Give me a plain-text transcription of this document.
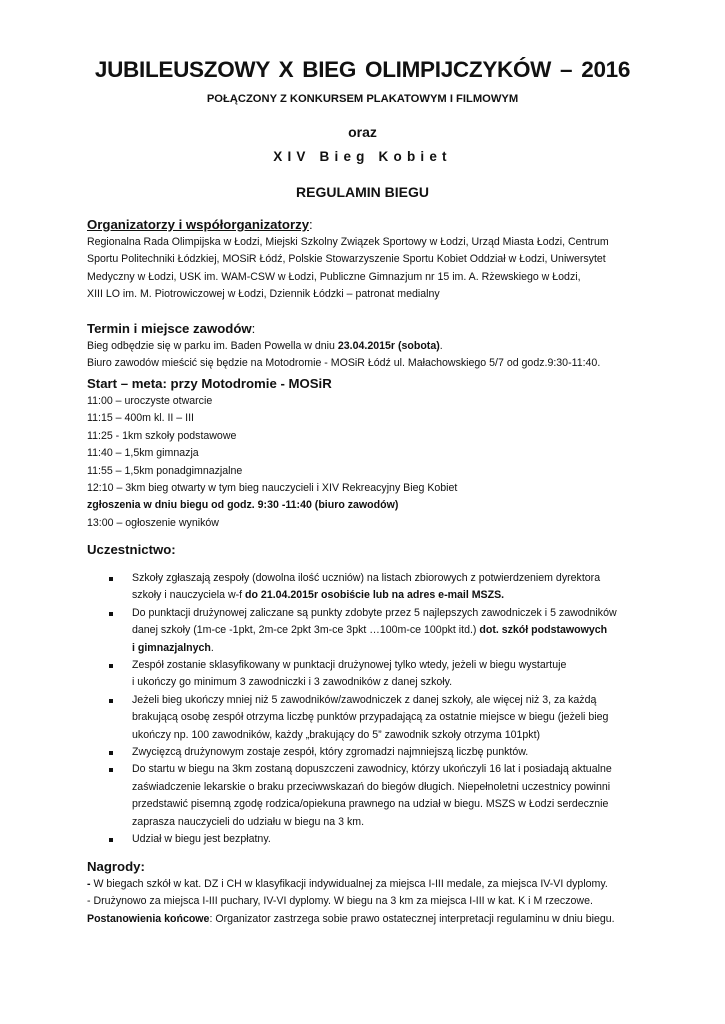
JUBILEUSZOWY X BIEG OLIMPIJCZYKÓW – 2016
POŁĄCZONY Z KONKURSEM PLAKATOWYM I FILMOWYM
oraz
XIV Bieg Kobiet
REGULAMIN BIEGU
Organizatorzy i współorganizatorzy:
Regionalna Rada Olimpijska w Łodzi, Miejski Szkolny Związek Sportowy w Łodzi, Urząd Miasta Łodzi, Centrum
Sportu Politechniki Łódzkiej, MOSiR Łódź, Polskie Stowarzyszenie Sportu Kobiet Oddział w Łodzi, Uniwersytet
Medyczny w Łodzi, USK im. WAM-CSW w Łodzi, Publiczne Gimnazjum nr 15 im. A. Rżewskiego w Łodzi,
XIII LO im. M. Piotrowiczowej w Łodzi, Dziennik Łódzki – patronat medialny
Termin i miejsce zawodów:
Bieg odbędzie się w parku im. Baden Powella w dniu 23.04.2015r (sobota).
Biuro zawodów mieścić się będzie na Motodromie - MOSiR Łódź ul. Małachowskiego 5/7 od godz.9:30-11:40.
Start – meta: przy Motodromie - MOSiR
11:00 – uroczyste otwarcie
11:15 – 400m kl. II – III
11:25 - 1km szkoły podstawowe
11:40 – 1,5km gimnazja
11:55 – 1,5km ponadgimnazjalne
12:10 – 3km bieg otwarty w tym bieg nauczycieli i XIV Rekreacyjny Bieg Kobiet
zgłoszenia w dniu biegu od godz. 9:30 -11:40 (biuro zawodów)
13:00 – ogłoszenie wyników
Uczestnictwo:
Szkoły zgłaszają zespoły (dowolna ilość uczniów) na listach zbiorowych z potwierdzeniem dyrektora
szkoły i nauczyciela w-f do 21.04.2015r osobiście lub na adres e-mail MSZS.
Do punktacji drużynowej zaliczane są punkty zdobyte przez 5 najlepszych zawodniczek i 5 zawodników
danej szkoły (1m-ce -1pkt, 2m-ce 2pkt 3m-ce 3pkt …100m-ce 100pkt itd.) dot. szkół podstawowych
i gimnazjalnych.
Zespół zostanie sklasyfikowany w punktacji drużynowej tylko wtedy, jeżeli w biegu wystartuje
i ukończy go minimum 3 zawodniczki i 3 zawodników z danej szkoły.
Jeżeli bieg ukończy mniej niż 5 zawodników/zawodniczek z danej szkoły, ale więcej niż 3, za każdą
brakującą osobę zespół otrzyma liczbę punktów przypadającą za ostatnie miejsce w biegu (jeżeli bieg
ukończy np. 100 zawodników, każdy „brakujący do 5” zawodnik szkoły otrzyma 101pkt)
Zwycięzcą drużynowym zostaje zespół, który zgromadzi najmniejszą liczbę punktów.
Do startu w biegu na 3km zostaną dopuszczeni zawodnicy, którzy ukończyli 16 lat i posiadają aktualne
zaświadczenie lekarskie o braku przeciwwskazań do biegów długich. Niepełnoletni uczestnicy powinni
przedstawić pisemną zgodę rodzica/opiekuna prawnego na udział w biegu. MSZS w Łodzi serdecznie
zaprasza nauczycieli do udziału w biegu na 3 km.
Udział w biegu jest bezpłatny.
Nagrody:
- W biegach szkół w kat. DZ i CH w klasyfikacji indywidualnej za miejsca I-III medale, za miejsca IV-VI dyplomy.
- Drużynowo za miejsca I-III puchary, IV-VI dyplomy. W biegu na 3 km za miejsca I-III w kat. K i M rzeczowe.
Postanowienia końcowe: Organizator zastrzega sobie prawo ostatecznej interpretacji regulaminu w dniu biegu.
